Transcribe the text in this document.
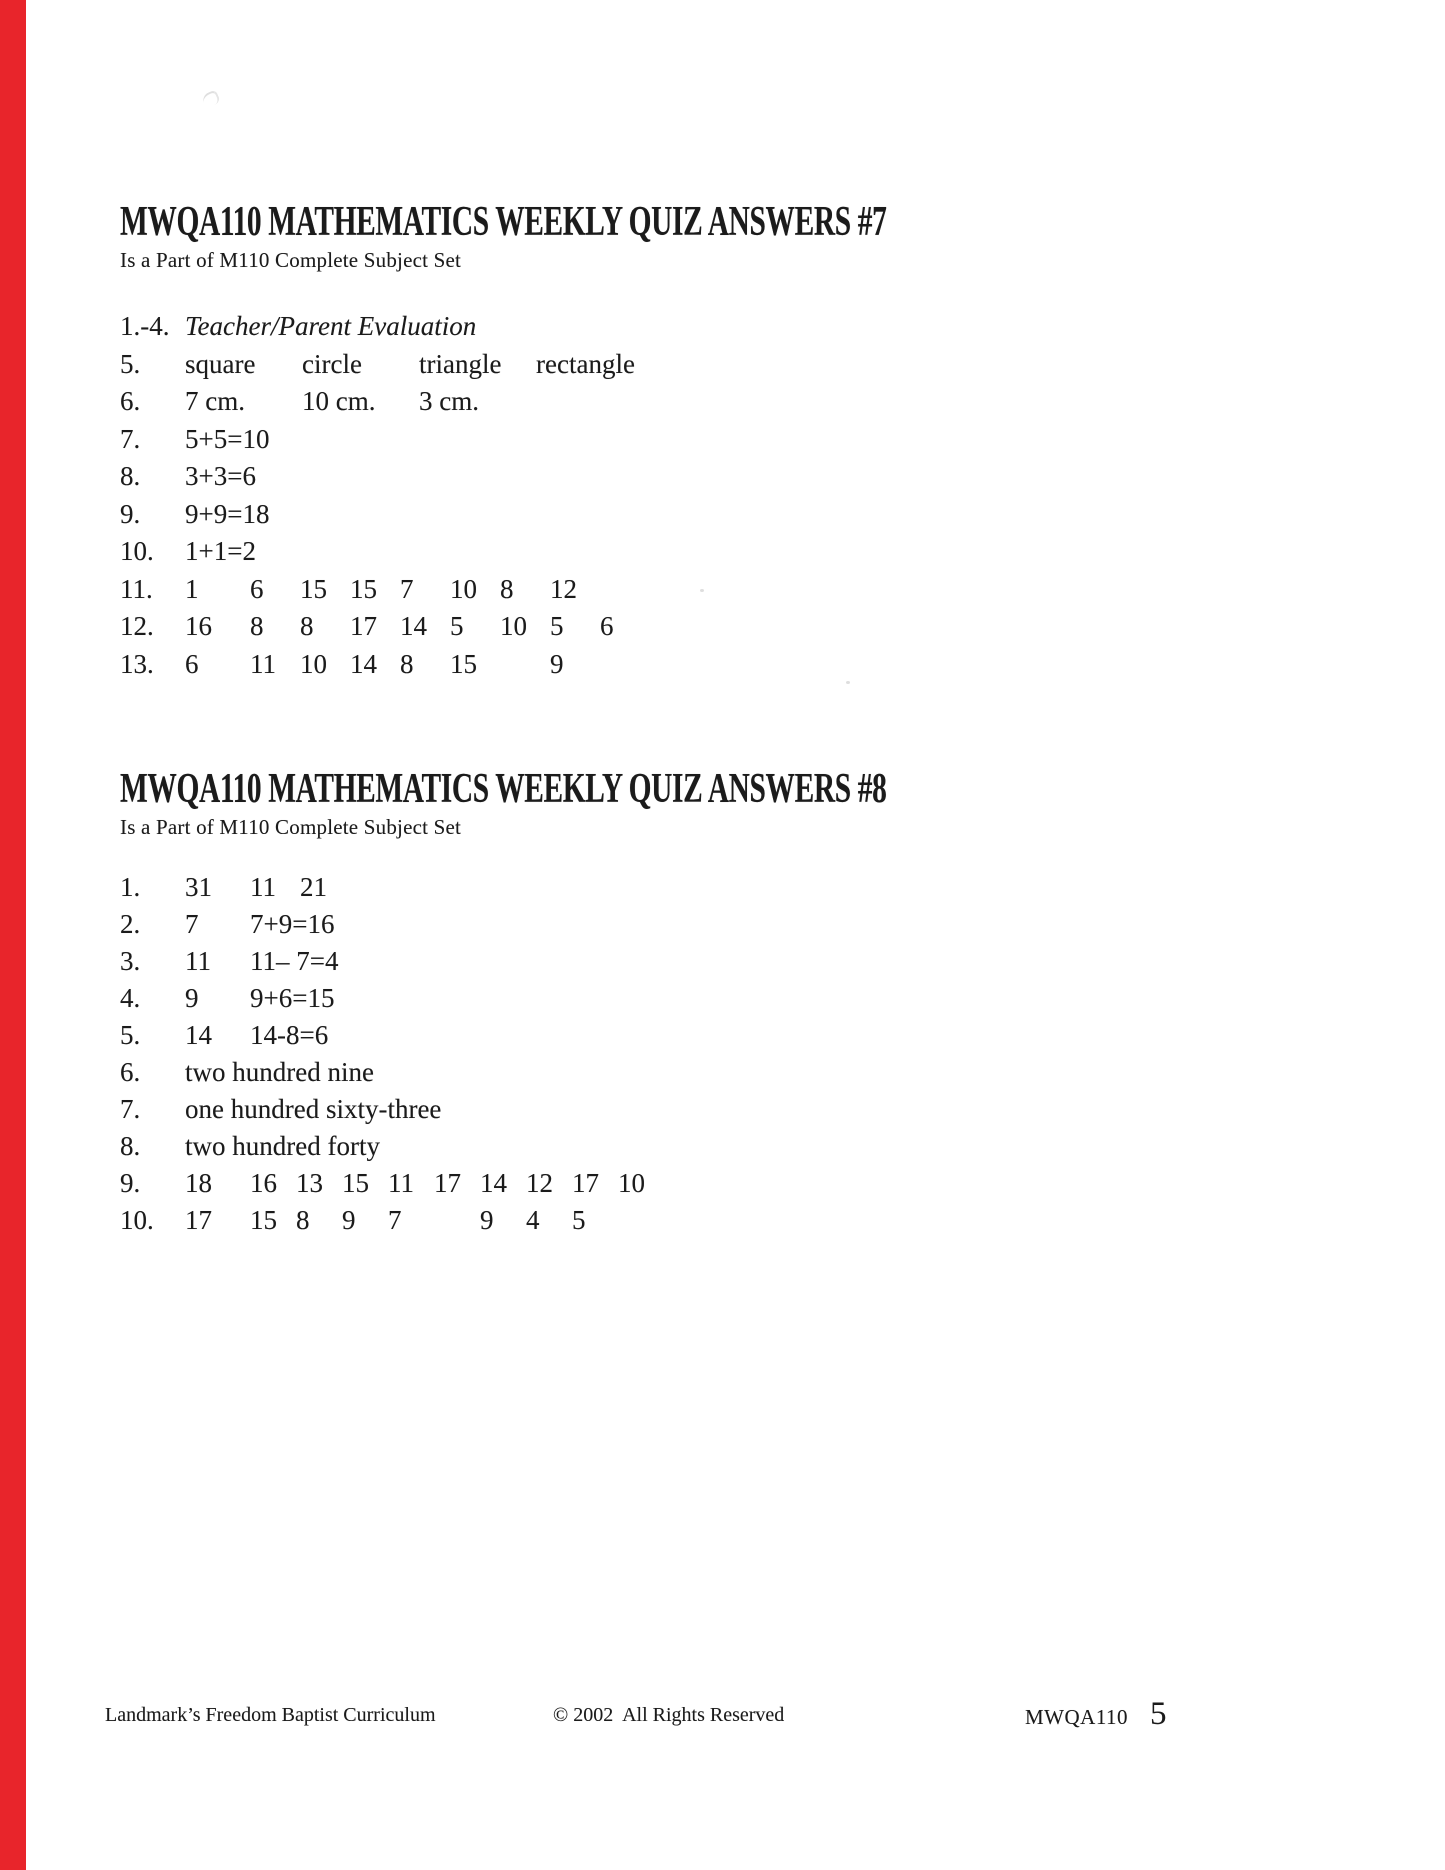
MWQA110 MATHEMATICS WEEKLY QUIZ ANSWERS #7

Is a Part of M110 Complete Subject Set

1.-4. Teacher/Parent Evaluation
5.	square	circle	triangle	rectangle
6.	7 cm.	10 cm.	3 cm.
7.	5+5=10
8.	3+3=6
9.	9+9=18
10.	1+1=2
11.	1	6	15 15 7	10 8	12
12.	16	8	8	17 14 5	10 5	6
13.	6	11 10 14 8	15	9
MWQA110 MATHEMATICS WEEKLY QUIZ ANSWERS #8

Is a Part of M110 Complete Subject Set

1.	31	11 21
2.	7	7+9=16
3.	11	11– 7=4
4.	9	9+6=15
5.	14	14-8=6
6.	two hundred nine
7.	one hundred sixty-three
8.	two hundred forty
9.	18	16 13 15 11 17 14 12 17 10
10.	17	15 8	9	7	9	4	5
Landmark’s Freedom Baptist Curriculum	© 2002  All Rights Reserved	MWQA110 5
